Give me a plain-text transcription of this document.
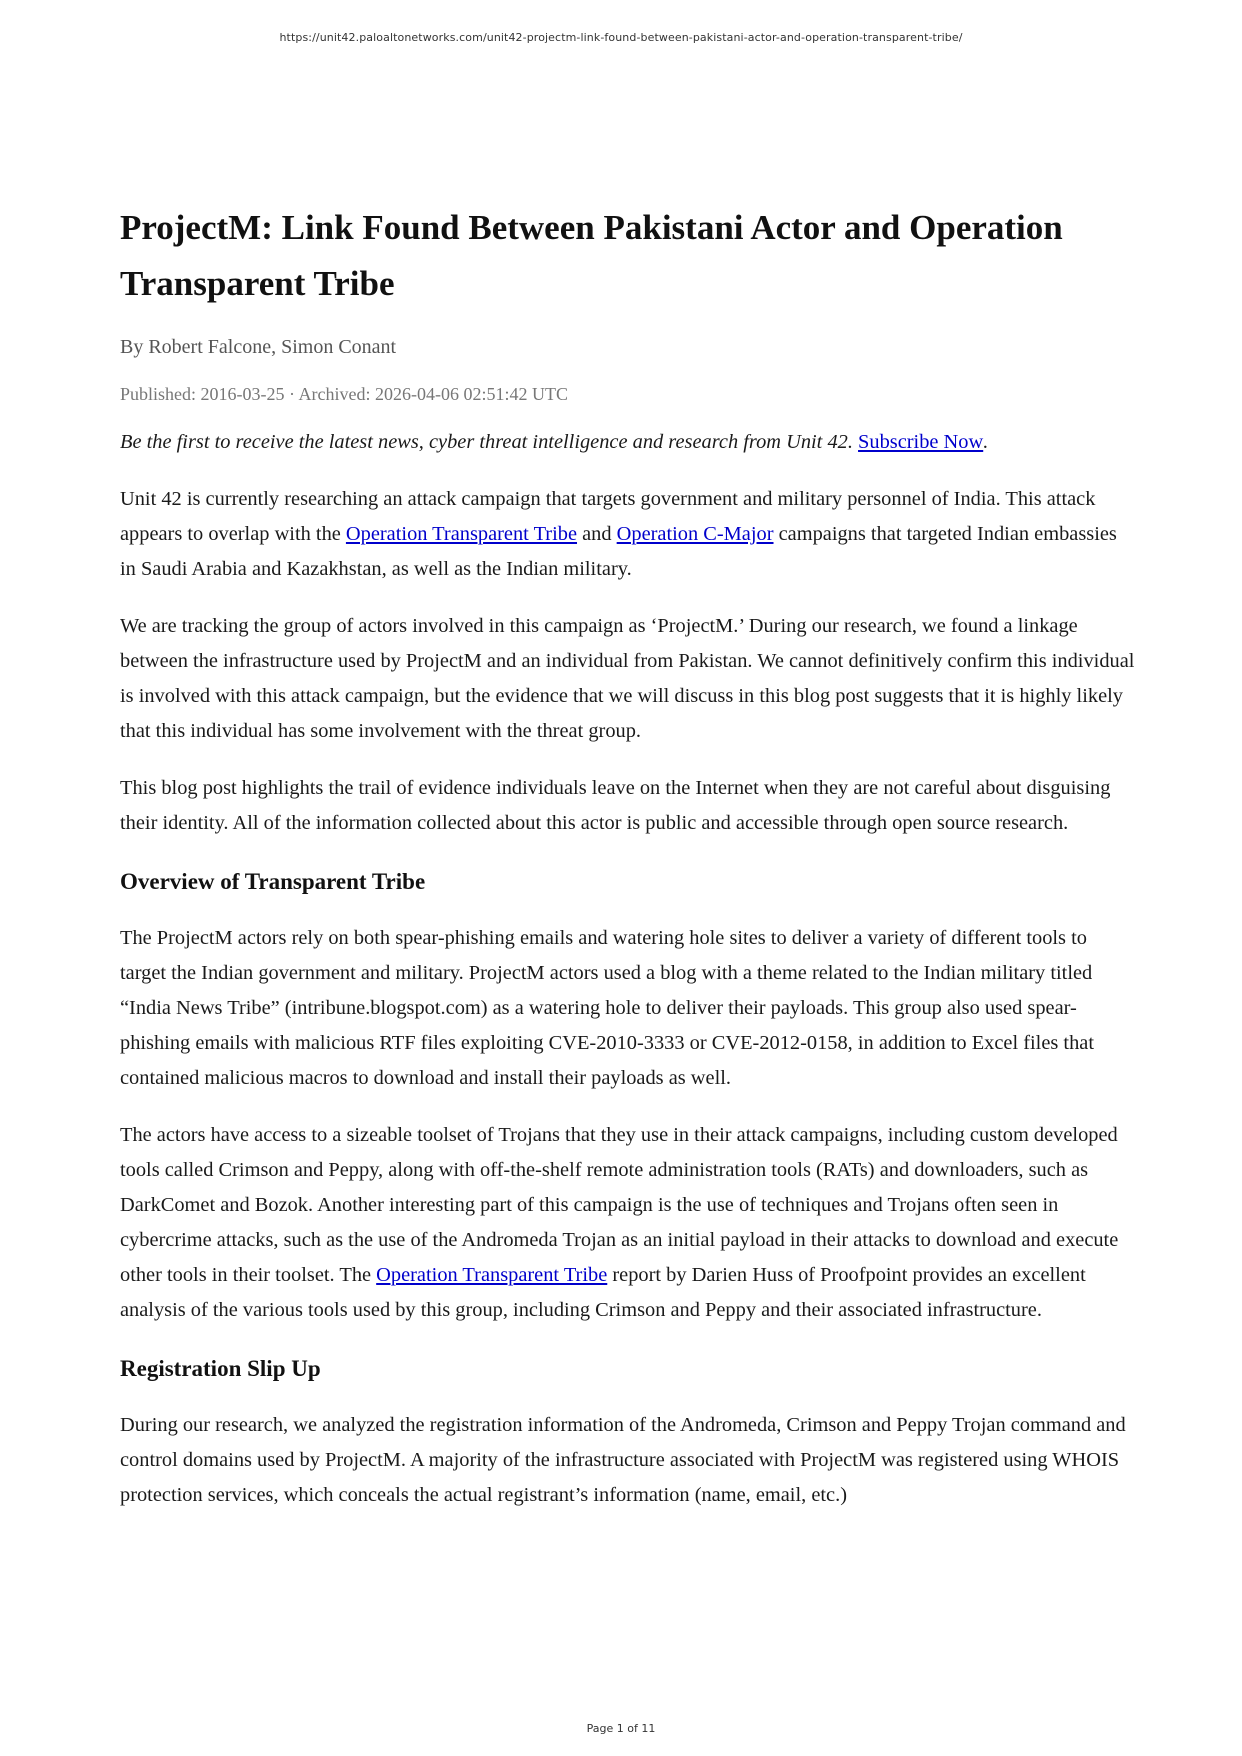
https://unit42.paloaltonetworks.com/unit42-projectm-link-found-between-pakistani-actor-and-operation-transparent-tribe/
ProjectM: Link Found Between Pakistani Actor and Operation Transparent Tribe
By Robert Falcone, Simon Conant
Published: 2016-03-25 · Archived: 2026-04-06 02:51:42 UTC

Be the first to receive the latest news, cyber threat intelligence and research from Unit 42. Subscribe Now.

Unit 42 is currently researching an attack campaign that targets government and military personnel of India. This attack appears to overlap with the Operation Transparent Tribe and Operation C-Major campaigns that targeted Indian embassies in Saudi Arabia and Kazakhstan, as well as the Indian military.

We are tracking the group of actors involved in this campaign as ‘ProjectM.’ During our research, we found a linkage between the infrastructure used by ProjectM and an individual from Pakistan. We cannot definitively confirm this individual is involved with this attack campaign, but the evidence that we will discuss in this blog post suggests that it is highly likely that this individual has some involvement with the threat group.

This blog post highlights the trail of evidence individuals leave on the Internet when they are not careful about disguising their identity. All of the information collected about this actor is public and accessible through open source research.

Overview of Transparent Tribe

The ProjectM actors rely on both spear-phishing emails and watering hole sites to deliver a variety of different tools to target the Indian government and military. ProjectM actors used a blog with a theme related to the Indian military titled “India News Tribe” (intribune.blogspot.com) as a watering hole to deliver their payloads. This group also used spear-phishing emails with malicious RTF files exploiting CVE-2010-3333 or CVE-2012-0158, in addition to Excel files that contained malicious macros to download and install their payloads as well.

The actors have access to a sizeable toolset of Trojans that they use in their attack campaigns, including custom developed tools called Crimson and Peppy, along with off-the-shelf remote administration tools (RATs) and downloaders, such as DarkComet and Bozok. Another interesting part of this campaign is the use of techniques and Trojans often seen in cybercrime attacks, such as the use of the Andromeda Trojan as an initial payload in their attacks to download and execute other tools in their toolset. The Operation Transparent Tribe report by Darien Huss of Proofpoint provides an excellent analysis of the various tools used by this group, including Crimson and Peppy and their associated infrastructure.

Registration Slip Up

During our research, we analyzed the registration information of the Andromeda, Crimson and Peppy Trojan command and control domains used by ProjectM. A majority of the infrastructure associated with ProjectM was registered using WHOIS protection services, which conceals the actual registrant’s information (name, email, etc.)

Page 1 of 11
